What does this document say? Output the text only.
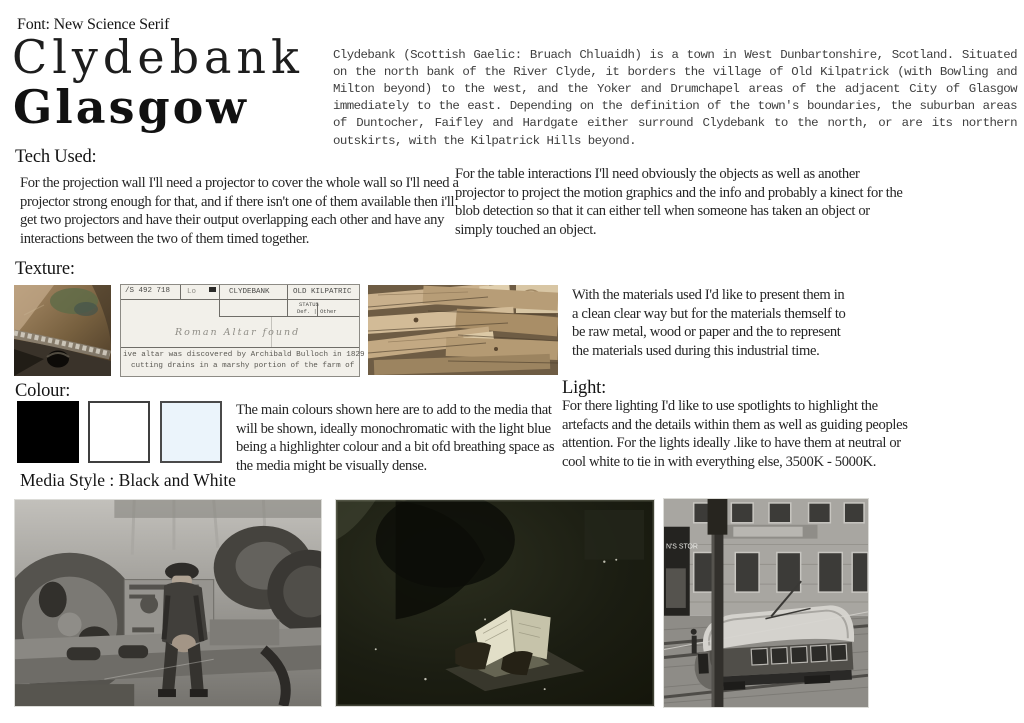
Font: New Science Serif
Clydebank
Glasgow
Clydebank (Scottish Gaelic: Bruach Chluaidh) is a town in West Dunbartonshire, Scotland. Situated on the north bank of the River Clyde, it borders the village of Old Kilpatrick (with Bowling and Milton beyond) to the west, and the Yoker and Drumchapel areas of the adjacent City of Glasgow immediately to the east. Depending on the definition of the town's boundaries, the suburban areas of Duntocher, Faifley and Hardgate either surround Clydebank to the north, or are its northern outskirts, with the Kilpatrick Hills beyond.
Tech Used:
For the projection wall I'll need a projector to cover the whole wall so I'll need a projector strong enough for that, and if there isn't one of them available then i'll get two projectors and have their output overlapping each other and have any interactions between the two of them timed together.
For the table interactions I'll need obviously the objects as well as another projector to project the motion graphics and the info and probably a kinect for the blob detection so that it can either tell when someone has taken an object or simply touched an object.
Texture:
/S 492 718 Lo	CLYDEBANK	OLD KILPATRIC
STATUS
Def. | Other
Roman Altar found
ive altar was discovered by Archibald Bulloch in 1829
cutting drains in a marshy portion of the farm of
With the materials used I'd like to present them in a clean clear way but for the materials themself to be raw metal, wood or paper and the to represent the materials used during this industrial time.
Colour:
The main colours shown here are to add to the media that will be shown, ideally monochromatic with the light blue being a highlighter colour and a bit ofd breathing space as the media might be visually dense.
Media Style : Black and White
Light:
For there lighting I'd like to use spotlights to highlight the artefacts and the details within them as well as guiding peoples attention. For the lights ideally .like to have them at neutral or cool white to tie in with everything else, 3500K - 5000K.
N'S STOR
